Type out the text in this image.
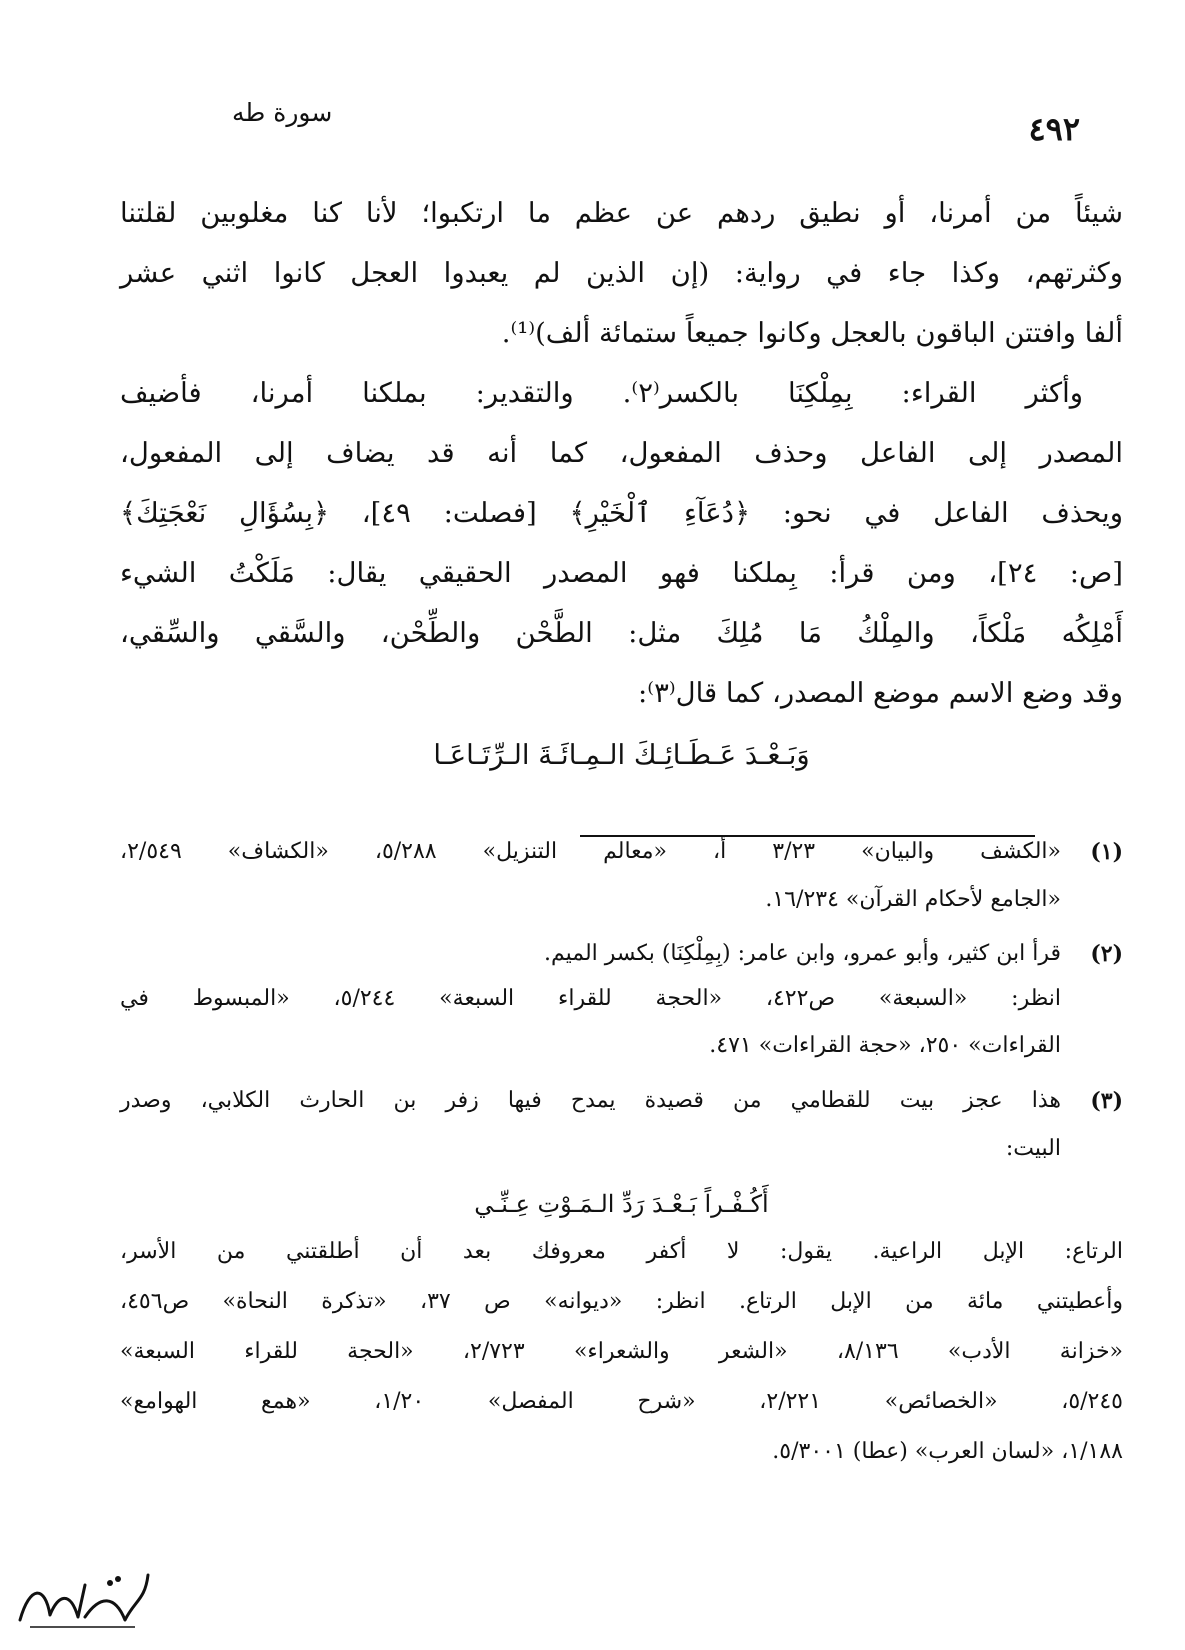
سورة طه	٤٩٢
شيئاً من أمرنا، أو نطيق ردهم عن عظم ما ارتكبوا؛ لأنا كنا مغلوبين لقلتنا
وكثرتهم، وكذا جاء في رواية: (إن الذين لم يعبدوا العجل كانوا اثني عشر
ألفا وافتتن الباقون بالعجل وكانوا جميعاً ستمائة ألف)⁽¹⁾.
وأكثر القراء: بِمِلْكِنَا بالكسر⁽٢⁾. والتقدير: بملكنا أمرنا، فأضيف
المصدر إلى الفاعل وحذف المفعول، كما أنه قد يضاف إلى المفعول،
ويحذف الفاعل في نحو: ﴿دُعَآءِ ٱلْخَيْرِ﴾ [فصلت: ٤٩]، ﴿بِسُؤَالِ نَعْجَتِكَ﴾
[ص: ٢٤]، ومن قرأ: بِملكنا فهو المصدر الحقيقي يقال: مَلَكْتُ الشيء
أَمْلِكُه مَلْكاً، والمِلْكُ مَا مُلِكَ مثل: الطَّحْن والطِّحْن، والسَّقي والسِّقي،
وقد وضع الاسم موضع المصدر، كما قال⁽٣⁾:
وَبَـعْـدَ عَـطَـائِـكَ الـمِـائَـةَ الـرِّتَـاعَـا
(١)
«الكشف والبيان» ٣/٢٣ أ، «معالم التنزيل» ٥/٢٨٨، «الكشاف» ٢/٥٤٩،
«الجامع لأحكام القرآن» ١٦/٢٣٤.
(٢)
قرأ ابن كثير، وأبو عمرو، وابن عامر: (بِمِلْكِنَا) بكسر الميم.
انظر: «السبعة» ص٤٢٢، «الحجة للقراء السبعة» ٥/٢٤٤، «المبسوط في
القراءات» ٢٥٠، «حجة القراءات» ٤٧١.
(٣)
هذا عجز بيت للقطامي من قصيدة يمدح فيها زفر بن الحارث الكلابي، وصدر
البيت:
أَكُـفْـراً بَـعْـدَ رَدِّ الـمَـوْتِ عِـنِّـي
الرتاع: الإبل الراعية. يقول: لا أكفر معروفك بعد أن أطلقتني من الأسر،
وأعطيتني مائة من الإبل الرتاع. انظر: «ديوانه» ص ٣٧، «تذكرة النحاة» ص٤٥٦،
«خزانة الأدب» ٨/١٣٦، «الشعر والشعراء» ٢/٧٢٣، «الحجة للقراء السبعة»
٥/٢٤٥، «الخصائص» ٢/٢٢١، «شرح المفصل» ١/٢٠، «همع الهوامع»
١/١٨٨، «لسان العرب» (عطا) ٥/٣٠٠١.
